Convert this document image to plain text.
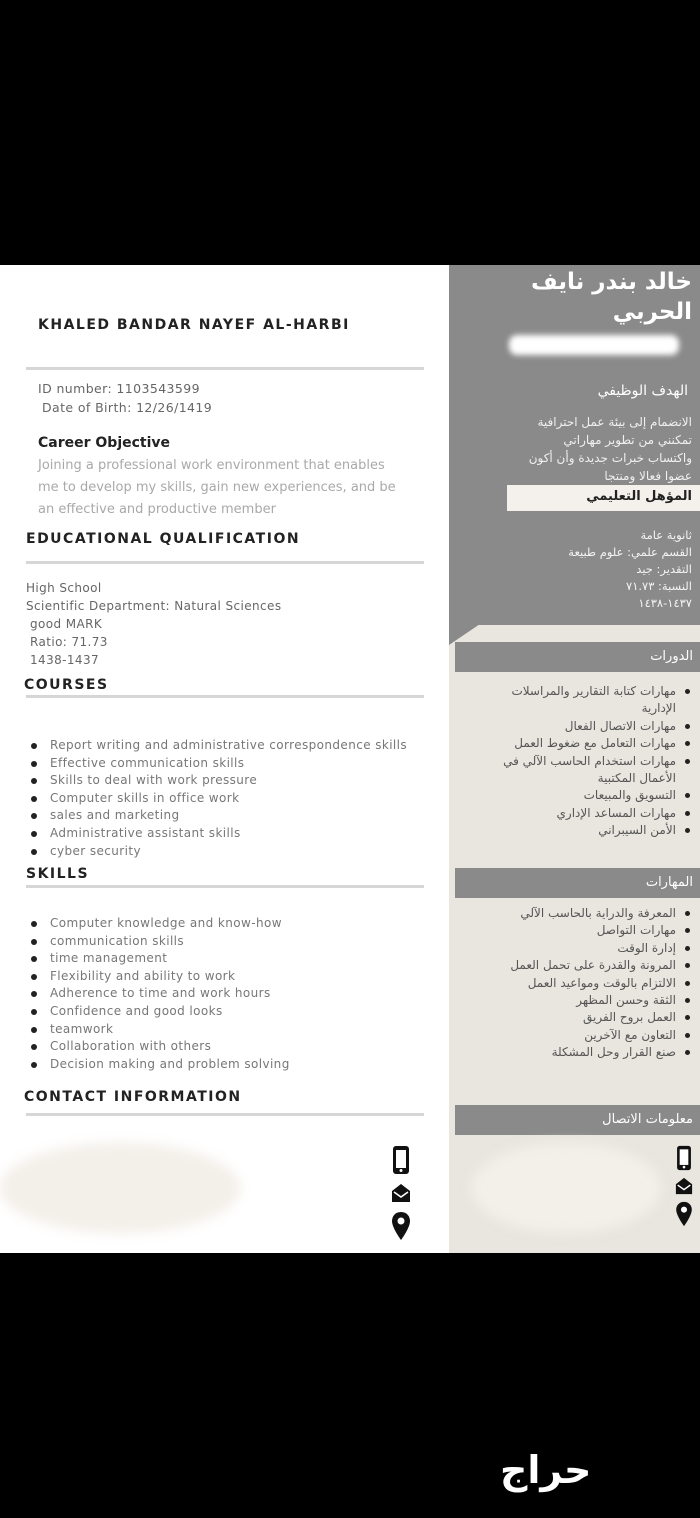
KHALED BANDAR NAYEF AL-HARBI
ID number: 1103543599
Date of Birth: 12/26/1419
Career Objective
Joining a professional work environment that enables
me to develop my skills, gain new experiences, and be
an effective and productive member
EDUCATIONAL QUALIFICATION
High School
Scientific Department: Natural Sciences
good MARK
Ratio: 71.73
1438-1437
COURSES
Report writing and administrative correspondence skills
Effective communication skills
Skills to deal with work pressure
Computer skills in office work
sales and marketing
Administrative assistant skills
cyber security
SKILLS
Computer knowledge and know-how
communication skills
time management
Flexibility and ability to work
Adherence to time and work hours
Confidence and good looks
teamwork
Collaboration with others
Decision making and problem solving
CONTACT INFORMATION
خالد بندر نايف الحربي
الهدف الوظيفي
الانضمام إلى بيئة عمل احترافية
تمكنني من تطوير مهاراتي
واكتساب خبرات جديدة وأن أكون
عضوا فعالا ومنتجا
المؤهل التعليمي
ثانوية عامة
القسم علمي: علوم طبيعة
التقدير: جيد
النسبة: ٧١.٧٣
١٤٣٧-١٤٣٨
الدورات
مهارات كتابة التقارير والمراسلات الإدارية
مهارات الاتصال الفعال
مهارات التعامل مع ضغوط العمل
مهارات استخدام الحاسب الآلي في الأعمال المكتبية
التسويق والمبيعات
مهارات المساعد الإداري
الأمن السيبراني
المهارات
المعرفة والدراية بالحاسب الآلي
مهارات التواصل
إدارة الوقت
المرونة والقدرة على تحمل العمل
الالتزام بالوقت ومواعيد العمل
الثقة وحسن المظهر
العمل بروح الفريق
التعاون مع الآخرين
صنع القرار وحل المشكلة
معلومات الاتصال
حراج
